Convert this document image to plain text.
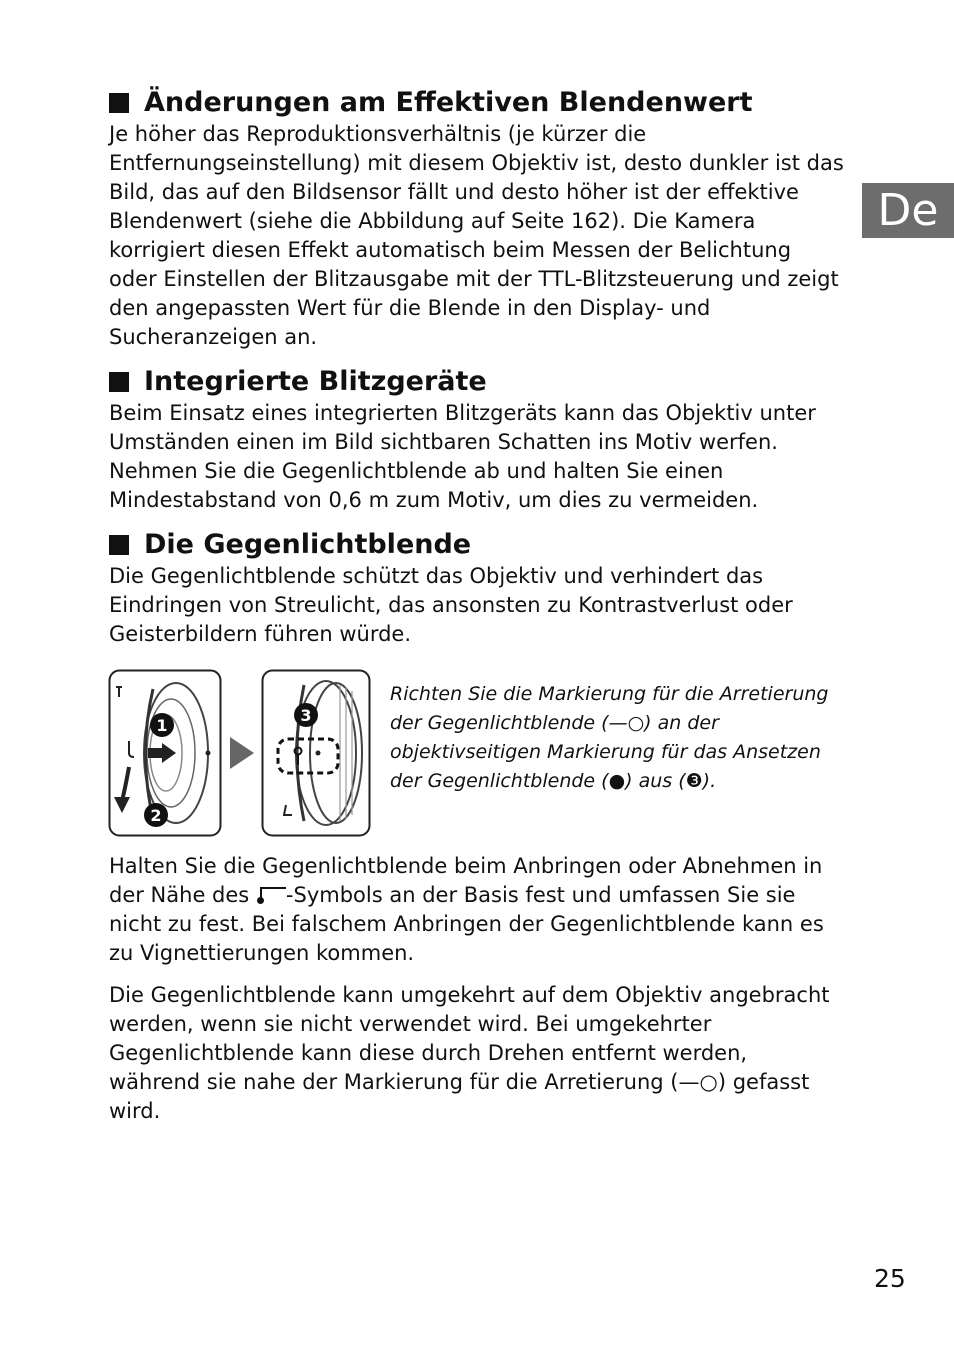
De
Änderungen am Effektiven Blendenwert

Je höher das Reproduktionsverhältnis (je kürzer die Entfernungseinstellung) mit diesem Objektiv ist, desto dunkler ist das Bild, das auf den Bildsensor fällt und desto höher ist der effektive Blendenwert (siehe die Abbildung auf Seite 162). Die Kamera korrigiert diesen Effekt automatisch beim Messen der Belichtung oder Einstellen der Blitzausgabe mit der TTL-Blitzsteuerung und zeigt den angepassten Wert für die Blende in den Display- und Sucheranzeigen an.

Integrierte Blitzgeräte

Beim Einsatz eines integrierten Blitzgeräts kann das Objektiv unter Umständen einen im Bild sichtbaren Schatten ins Motiv werfen. Nehmen Sie die Gegenlichtblende ab und halten Sie einen Mindestabstand von 0,6 m zum Motiv, um dies zu vermeiden.

Die Gegenlichtblende

Die Gegenlichtblende schützt das Objektiv und verhindert das Eindringen von Streulicht, das ansonsten zu Kontrastverlust oder Geisterbildern führen würde.

1
2
3

Richten Sie die Markierung für die Arretierung der Gegenlichtblende (—○) an der objektivseitigen Markierung für das Ansetzen der Gegenlichtblende (●) aus (❸).

Halten Sie die Gegenlichtblende beim Anbringen oder Abnehmen in der Nähe des
-Symbols an der Basis fest und umfassen Sie sie nicht zu fest. Bei falschem Anbringen der Gegenlichtblende kann es zu Vignettierungen kommen.

Die Gegenlichtblende kann umgekehrt auf dem Objektiv angebracht werden, wenn sie nicht verwendet wird. Bei umgekehrter Gegenlichtblende kann diese durch Drehen entfernt werden, während sie nahe der Markierung für die Arretierung (—○) gefasst wird.

25
